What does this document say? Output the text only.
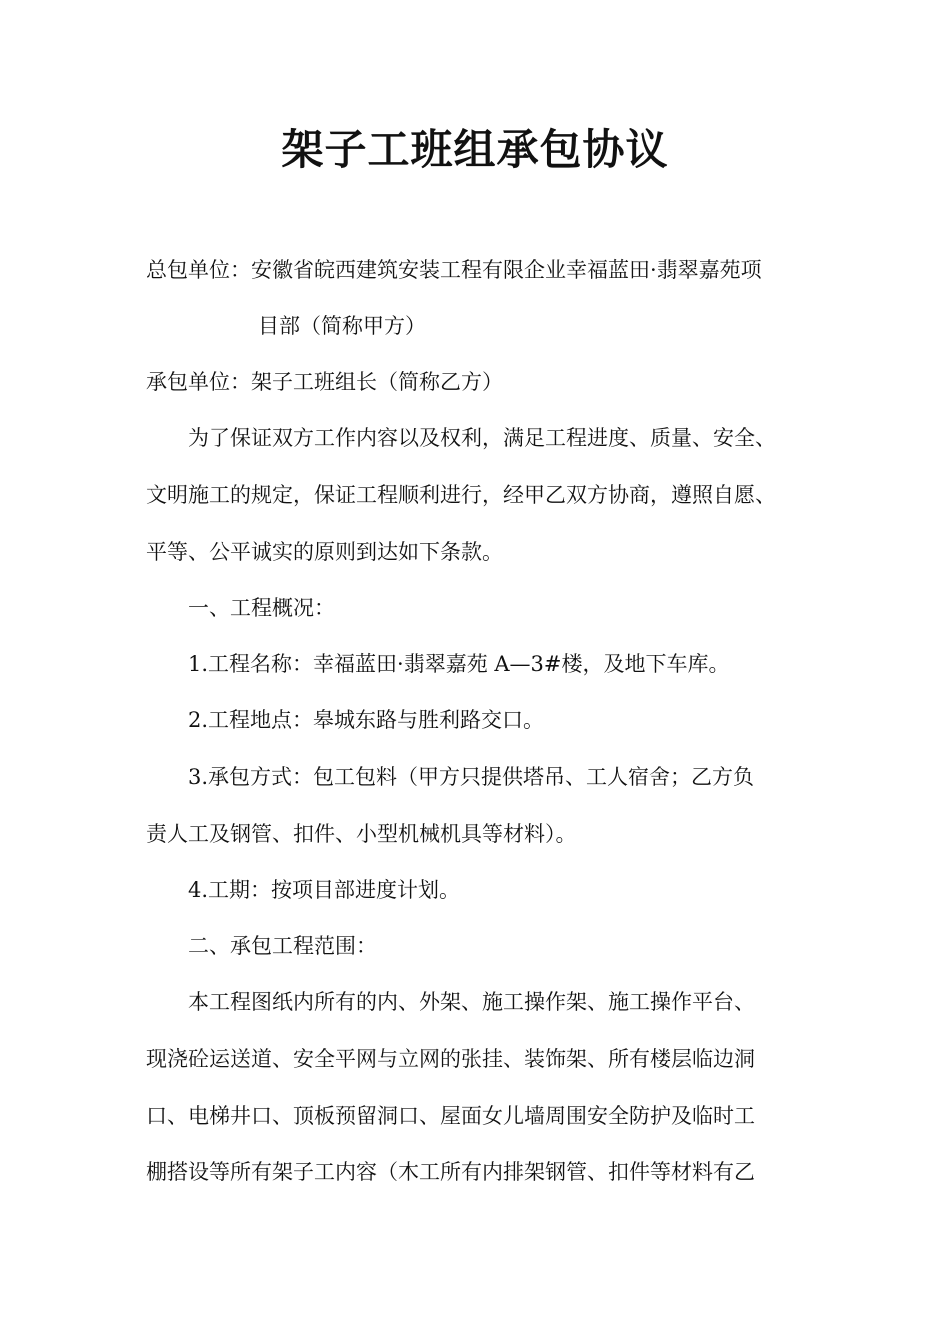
架子工班组承包协议
总包单位：安徽省皖西建筑安装工程有限企业幸福蓝田·翡翠嘉苑项
目部（简称甲方）
承包单位：架子工班组长（简称乙方）
为了保证双方工作内容以及权利，满足工程进度、质量、安全、
文明施工的规定，保证工程顺利进行，经甲乙双方协商，遵照自愿、
平等、公平诚实的原则到达如下条款。
一、工程概况：
1.工程名称：幸福蓝田·翡翠嘉苑 A—3#楼，及地下车库。
2.工程地点：皋城东路与胜利路交口。
3.承包方式：包工包料（甲方只提供塔吊、工人宿舍；乙方负
责人工及钢管、扣件、小型机械机具等材料）。
4.工期：按项目部进度计划。
二、承包工程范围：
本工程图纸内所有的内、外架、施工操作架、施工操作平台、
现浇砼运送道、安全平网与立网的张挂、装饰架、所有楼层临边洞
口、电梯井口、顶板预留洞口、屋面女儿墙周围安全防护及临时工
棚搭设等所有架子工内容（木工所有内排架钢管、扣件等材料有乙
